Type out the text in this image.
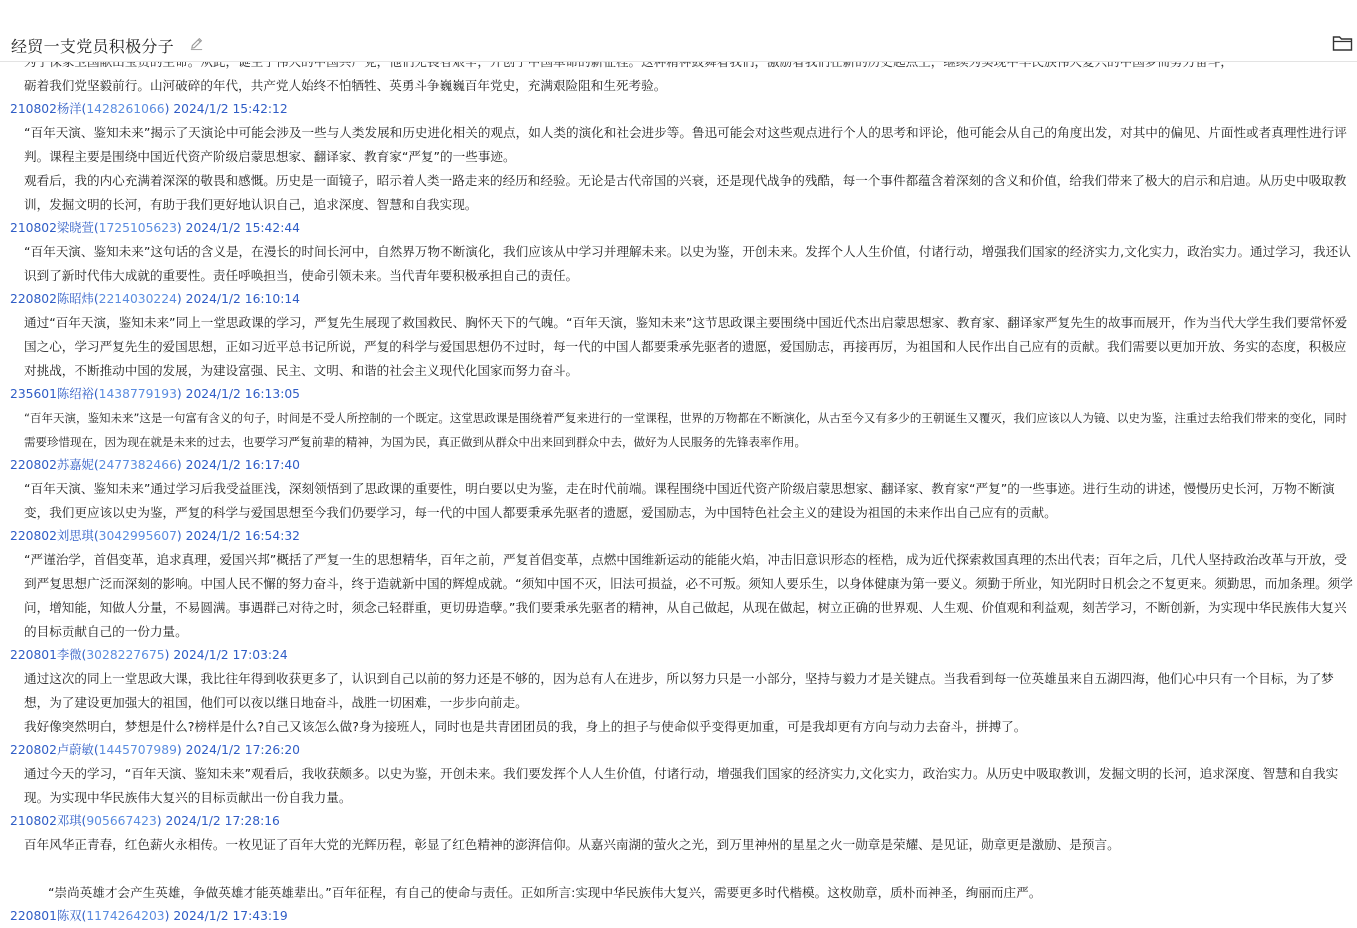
经贸一支党员积极分子

砺着我们党坚毅前行。山河破碎的年代，共产党人始终不怕牺牲、英勇斗争巍巍百年党史，充满艰险阻和生死考验。

210802杨洋(1428261066) 2024/1/2 15:42:12

“百年天演、鉴知未来”揭示了天演论中可能会涉及一些与人类发展和历史进化相关的观点，如人类的演化和社会进步等。鲁迅可能会对这些观点进行个人的思考和评论，他可能会从自己的角度出发，对其中的偏见、片面性或者真理性进行评判。课程主要是围绕中国近代资产阶级启蒙思想家、翻译家、教育家“严复”的一些事迹。

观看后，我的内心充满着深深的敬畏和感慨。历史是一面镜子，昭示着人类一路走来的经历和经验。无论是古代帝国的兴衰，还是现代战争的残酷，每一个事件都蕴含着深刻的含义和价值，给我们带来了极大的启示和启迪。从历史中吸取教训，发掘文明的长河，有助于我们更好地认识自己，追求深度、智慧和自我实现。

210802梁晓萱(1725105623) 2024/1/2 15:42:44

“百年天演、鉴知未来”这句话的含义是，在漫长的时间长河中，自然界万物不断演化，我们应该从中学习并理解未来。以史为鉴，开创未来。发挥个人人生价值，付诸行动，增强我们国家的经济实力,文化实力，政治实力。通过学习，我还认识到了新时代伟大成就的重要性。责任呼唤担当，使命引领未来。当代青年要积极承担自己的责任。

220802陈昭炜(2214030224) 2024/1/2 16:10:14

通过“百年天演，鉴知未来”同上一堂思政课的学习，严复先生展现了救国救民、胸怀天下的气魄。“百年天演，鉴知未来”这节思政课主要围绕中国近代杰出启蒙思想家、教育家、翻译家严复先生的故事而展开，作为当代大学生我们要常怀爱国之心，学习严复先生的爱国思想，正如习近平总书记所说，严复的科学与爱国思想仍不过时，每一代的中国人都要秉承先驱者的遗愿，爱国励志，再接再厉，为祖国和人民作出自己应有的贡献。我们需要以更加开放、务实的态度，积极应对挑战，不断推动中国的发展，为建设富强、民主、文明、和谐的社会主义现代化国家而努力奋斗。

235601陈绍裕(1438779193) 2024/1/2 16:13:05

“百年天演，鉴知未来”这是一句富有含义的句子，时间是不受人所控制的一个既定。这堂思政课是围绕着严复来进行的一堂课程，世界的万物都在不断演化，从古至今又有多少的王朝诞生又覆灭，我们应该以人为镜、以史为鉴，注重过去给我们带来的变化，同时需要珍惜现在，因为现在就是未来的过去，也要学习严复前辈的精神，为国为民，真正做到从群众中出来回到群众中去，做好为人民服务的先锋表率作用。

220802苏嘉妮(2477382466) 2024/1/2 16:17:40

“百年天演、鉴知未来”通过学习后我受益匪浅，深刻领悟到了思政课的重要性，明白要以史为鉴，走在时代前端。课程围绕中国近代资产阶级启蒙思想家、翻译家、教育家“严复”的一些事迹。进行生动的讲述，慢慢历史长河，万物不断演变，我们更应该以史为鉴，严复的科学与爱国思想至今我们仍要学习，每一代的中国人都要秉承先驱者的遗愿，爱国励志，为中国特色社会主义的建设为祖国的未来作出自己应有的贡献。

220802刘思琪(3042995607) 2024/1/2 16:54:32

“严谨治学，首倡变革，追求真理，爱国兴邦”概括了严复一生的思想精华，百年之前，严复首倡变革，点燃中国维新运动的能能火焰，冲击旧意识形态的桎梏，成为近代探索救国真理的杰出代表；百年之后，几代人坚持政治改革与开放，受到严复思想广泛而深刻的影响。中国人民不懈的努力奋斗，终于造就新中国的辉煌成就。“须知中国不灭，旧法可损益，必不可叛。须知人要乐生，以身体健康为第一要义。须勤于所业，知光阴时日机会之不复更来。须勤思，而加条理。须学问，增知能，知做人分量，不易圆满。事遇群己对待之时，须念己轻群重，更切毋造孽。”我们要秉承先驱者的精神，从自己做起，从现在做起，树立正确的世界观、人生观、价值观和利益观，刻苦学习，不断创新，为实现中华民族伟大复兴的目标贡献自己的一份力量。

220801李微(3028227675) 2024/1/2 17:03:24

通过这次的同上一堂思政大课，我比往年得到收获更多了，认识到自己以前的努力还是不够的，因为总有人在进步，所以努力只是一小部分，坚持与毅力才是关键点。当我看到每一位英雄虽来自五湖四海，他们心中只有一个目标，为了梦想，为了建设更加强大的祖国，他们可以夜以继日地奋斗，战胜一切困难，一步步向前走。

我好像突然明白，梦想是什么?榜样是什么?自己又该怎么做?身为接班人，同时也是共青团团员的我，身上的担子与使命似乎变得更加重，可是我却更有方向与动力去奋斗，拼搏了。

220802卢蔚敏(1445707989) 2024/1/2 17:26:20

通过今天的学习，“百年天演、鉴知未来”观看后，我收获颇多。以史为鉴，开创未来。我们要发挥个人人生价值，付诸行动，增强我们国家的经济实力,文化实力，政治实力。从历史中吸取教训，发掘文明的长河，追求深度、智慧和自我实现。为实现中华民族伟大复兴的目标贡献出一份自我力量。

210802邓琪(905667423) 2024/1/2 17:28:16

百年风华正青春，红色薪火永相传。一枚见证了百年大党的光辉历程，彰显了红色精神的澎湃信仰。从嘉兴南湖的萤火之光，到万里神州的星星之火一勋章是荣耀、是见证，勋章更是激励、是预言。

“崇尚英雄才会产生英雄，争做英雄才能英雄辈出。”百年征程，有自己的使命与责任。正如所言:实现中华民族伟大复兴，需要更多时代楷模。这枚勋章，质朴而神圣，绚丽而庄严。

220801陈双(1174264203) 2024/1/2 17:43:19
